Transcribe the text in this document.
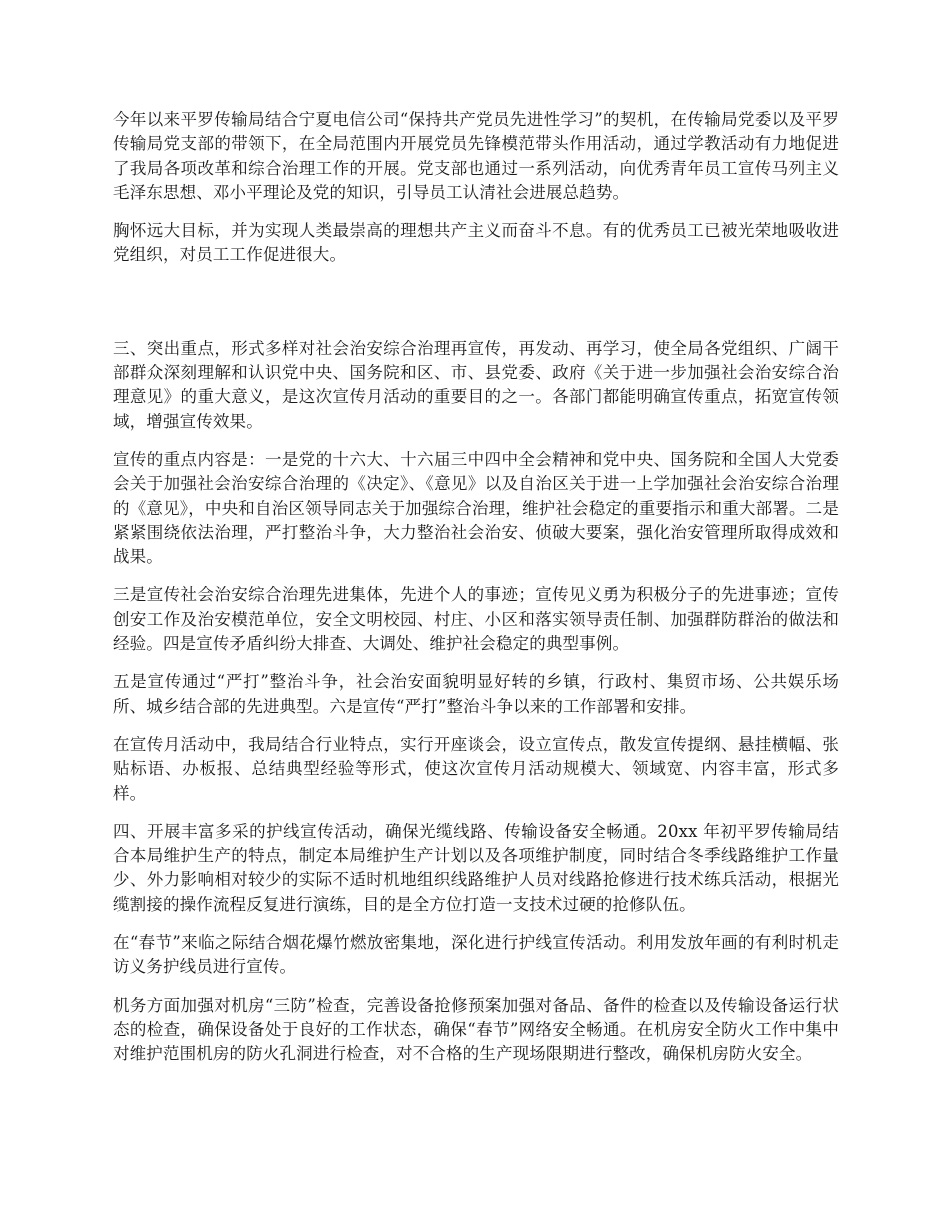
今年以来平罗传输局结合宁夏电信公司“保持共产党员先进性学习”的契机，在传输局党委以及平罗传输局党支部的带领下，在全局范围内开展党员先锋模范带头作用活动，通过学教活动有力地促进了我局各项改革和综合治理工作的开展。党支部也通过一系列活动，向优秀青年员工宣传马列主义毛泽东思想、邓小平理论及党的知识，引导员工认清社会进展总趋势。

胸怀远大目标，并为实现人类最崇高的理想共产主义而奋斗不息。有的优秀员工已被光荣地吸收进党组织，对员工工作促进很大。

三、突出重点，形式多样对社会治安综合治理再宣传，再发动、再学习，使全局各党组织、广阔干部群众深刻理解和认识党中央、国务院和区、市、县党委、政府《关于进一步加强社会治安综合治理意见》的重大意义，是这次宣传月活动的重要目的之一。各部门都能明确宣传重点，拓宽宣传领域，增强宣传效果。

宣传的重点内容是：一是党的十六大、十六届三中四中全会精神和党中央、国务院和全国人大党委会关于加强社会治安综合治理的《决定》、《意见》以及自治区关于进一上学加强社会治安综合治理的《意见》，中央和自治区领导同志关于加强综合治理，维护社会稳定的重要指示和重大部署。二是紧紧围绕依法治理，严打整治斗争，大力整治社会治安、侦破大要案，强化治安管理所取得成效和战果。

三是宣传社会治安综合治理先进集体，先进个人的事迹；宣传见义勇为积极分子的先进事迹；宣传创安工作及治安模范单位，安全文明校园、村庄、小区和落实领导责任制、加强群防群治的做法和经验。四是宣传矛盾纠纷大排查、大调处、维护社会稳定的典型事例。

五是宣传通过“严打”整治斗争，社会治安面貌明显好转的乡镇，行政村、集贸市场、公共娱乐场所、城乡结合部的先进典型。六是宣传“严打”整治斗争以来的工作部署和安排。

在宣传月活动中，我局结合行业特点，实行开座谈会，设立宣传点，散发宣传提纲、悬挂横幅、张贴标语、办板报、总结典型经验等形式，使这次宣传月活动规模大、领域宽、内容丰富，形式多样。

四、开展丰富多采的护线宣传活动，确保光缆线路、传输设备安全畅通。20xx 年初平罗传输局结合本局维护生产的特点，制定本局维护生产计划以及各项维护制度，同时结合冬季线路维护工作量少、外力影响相对较少的实际不适时机地组织线路维护人员对线路抢修进行技术练兵活动，根据光缆割接的操作流程反复进行演练，目的是全方位打造一支技术过硬的抢修队伍。

在“春节”来临之际结合烟花爆竹燃放密集地，深化进行护线宣传活动。利用发放年画的有利时机走访义务护线员进行宣传。

机务方面加强对机房“三防”检查，完善设备抢修预案加强对备品、备件的检查以及传输设备运行状态的检查，确保设备处于良好的工作状态，确保“春节”网络安全畅通。在机房安全防火工作中集中对维护范围机房的防火孔洞进行检查，对不合格的生产现场限期进行整改，确保机房防火安全。
